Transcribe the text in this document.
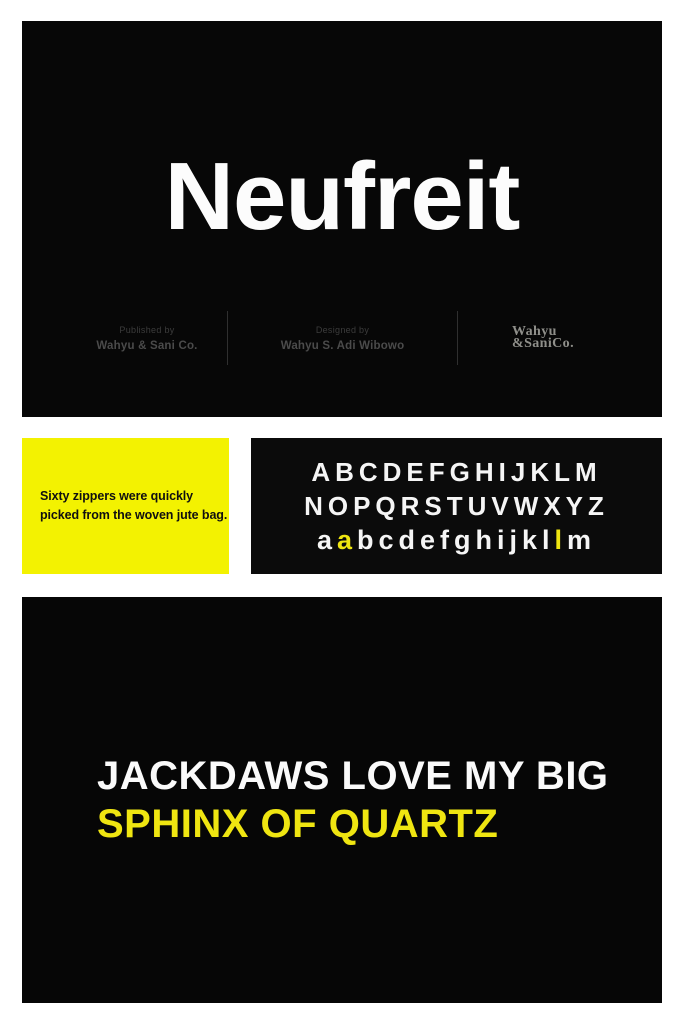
Neufreit
Published by
Wahyu & Sani Co.
Designed by
Wahyu S. Adi Wibowo
Wahyu
&SaniCo.
Sixty zippers were quickly
picked from the woven jute bag.
ABCDEFGHIJKLM
NOPQRSTUVWXYZ
aabcdefghijkllm
JACKDAWS LOVE MY BIG
SPHINX OF QUARTZ
